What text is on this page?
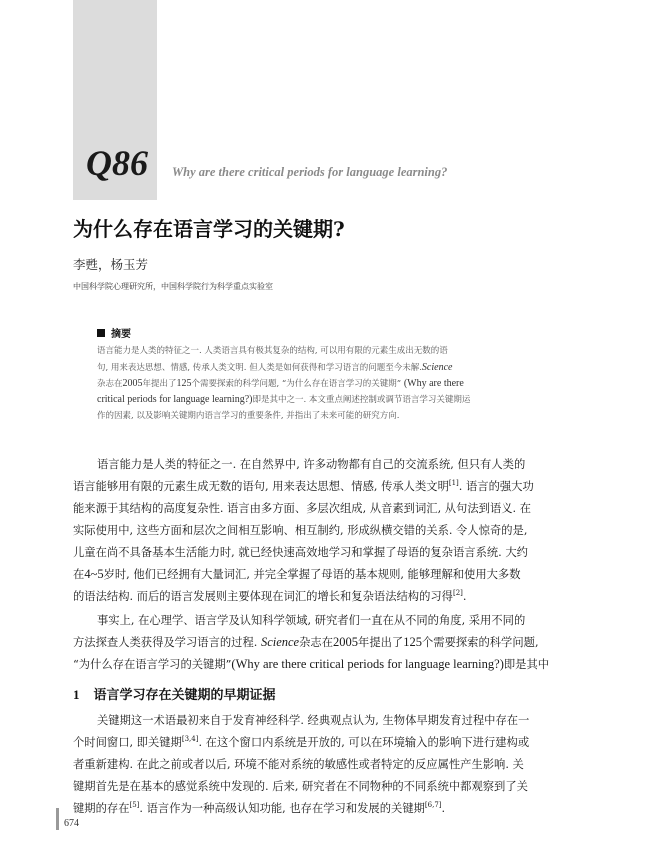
Q86 Why are there critical periods for language learning?
为什么存在语言学习的关键期?
李甦，杨玉芳
中国科学院心理研究所，中国科学院行为科学重点实验室
摘要
语言能力是人类的特征之一. 人类语言具有极其复杂的结构, 可以用有限的元素生成出无数的语
句, 用来表达思想、情感, 传承人类文明. 但人类是如何获得和学习语言的问题至今未解.Science
杂志在2005年提出了125个需要探索的科学问题, “为什么存在语言学习的关键期” (Why are there
critical periods for language learning?)即是其中之一. 本文重点阐述控制或调节语言学习关键期运
作的因素, 以及影响关键期内语言学习的重要条件, 并指出了未来可能的研究方向.
语言能力是人类的特征之一. 在自然界中, 许多动物都有自己的交流系统, 但只有人类的
语言能够用有限的元素生成无数的语句, 用来表达思想、情感, 传承人类文明[1]. 语言的强大功
能来源于其结构的高度复杂性. 语言由多方面、多层次组成, 从音素到词汇, 从句法到语义. 在
实际使用中, 这些方面和层次之间相互影响、相互制约, 形成纵横交错的关系. 令人惊奇的是,
儿童在尚不具备基本生活能力时, 就已经快速高效地学习和掌握了母语的复杂语言系统. 大约
在4~5岁时, 他们已经拥有大量词汇, 并完全掌握了母语的基本规则, 能够理解和使用大多数
的语法结构. 而后的语言发展则主要体现在词汇的增长和复杂语法结构的习得[2].
事实上, 在心理学、语言学及认知科学领域, 研究者们一直在从不同的角度, 采用不同的
方法探查人类获得及学习语言的过程. Science杂志在2005年提出了125个需要探索的科学问题,
“为什么存在语言学习的关键期”(Why are there critical periods for language learning?)即是其中
1 语言学习存在关键期的早期证据
关键期这一术语最初来自于发育神经科学. 经典观点认为, 生物体早期发育过程中存在一
个时间窗口, 即关键期[3,4]. 在这个窗口内系统是开放的, 可以在环境输入的影响下进行建构或
者重新建构. 在此之前或者以后, 环境不能对系统的敏感性或者特定的反应属性产生影响. 关
键期首先是在基本的感觉系统中发现的. 后来, 研究者在不同物种的不同系统中都观察到了关
键期的存在[5]. 语言作为一种高级认知功能, 也存在学习和发展的关键期[6,7].
674
